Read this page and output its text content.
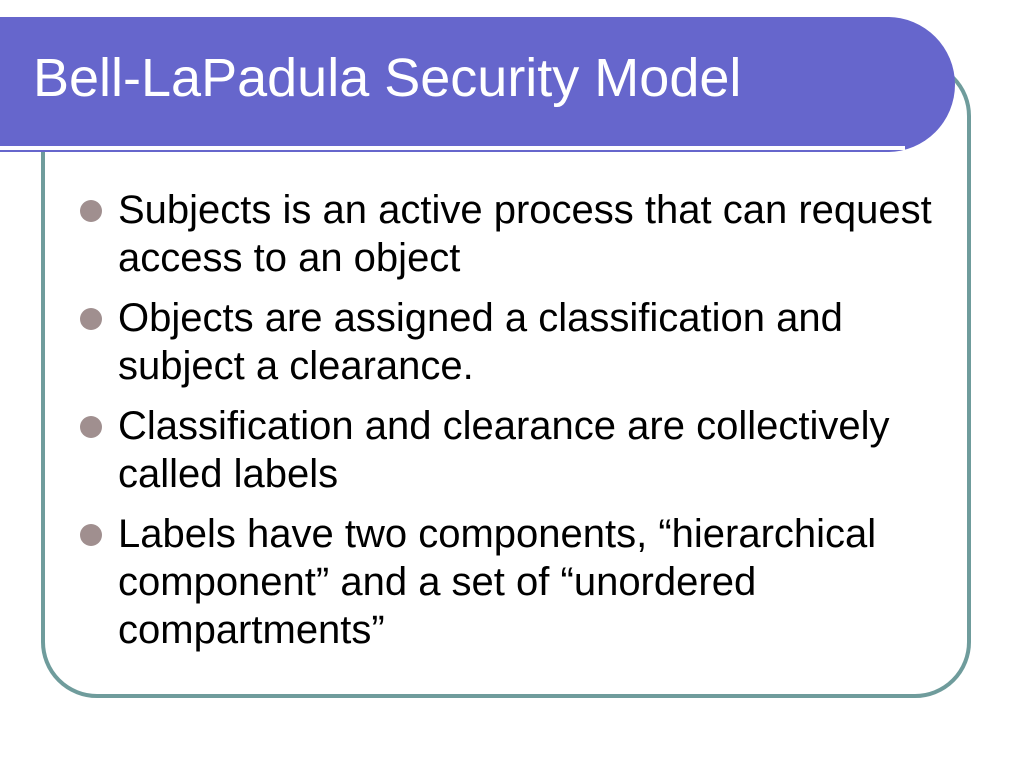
Bell-LaPadula Security Model
Subjects is an active process that can request access to an object
Objects are assigned a classification and subject a clearance.
Classification and clearance are collectively called labels
Labels have two components, “hierarchical component” and a set of “unordered compartments”
